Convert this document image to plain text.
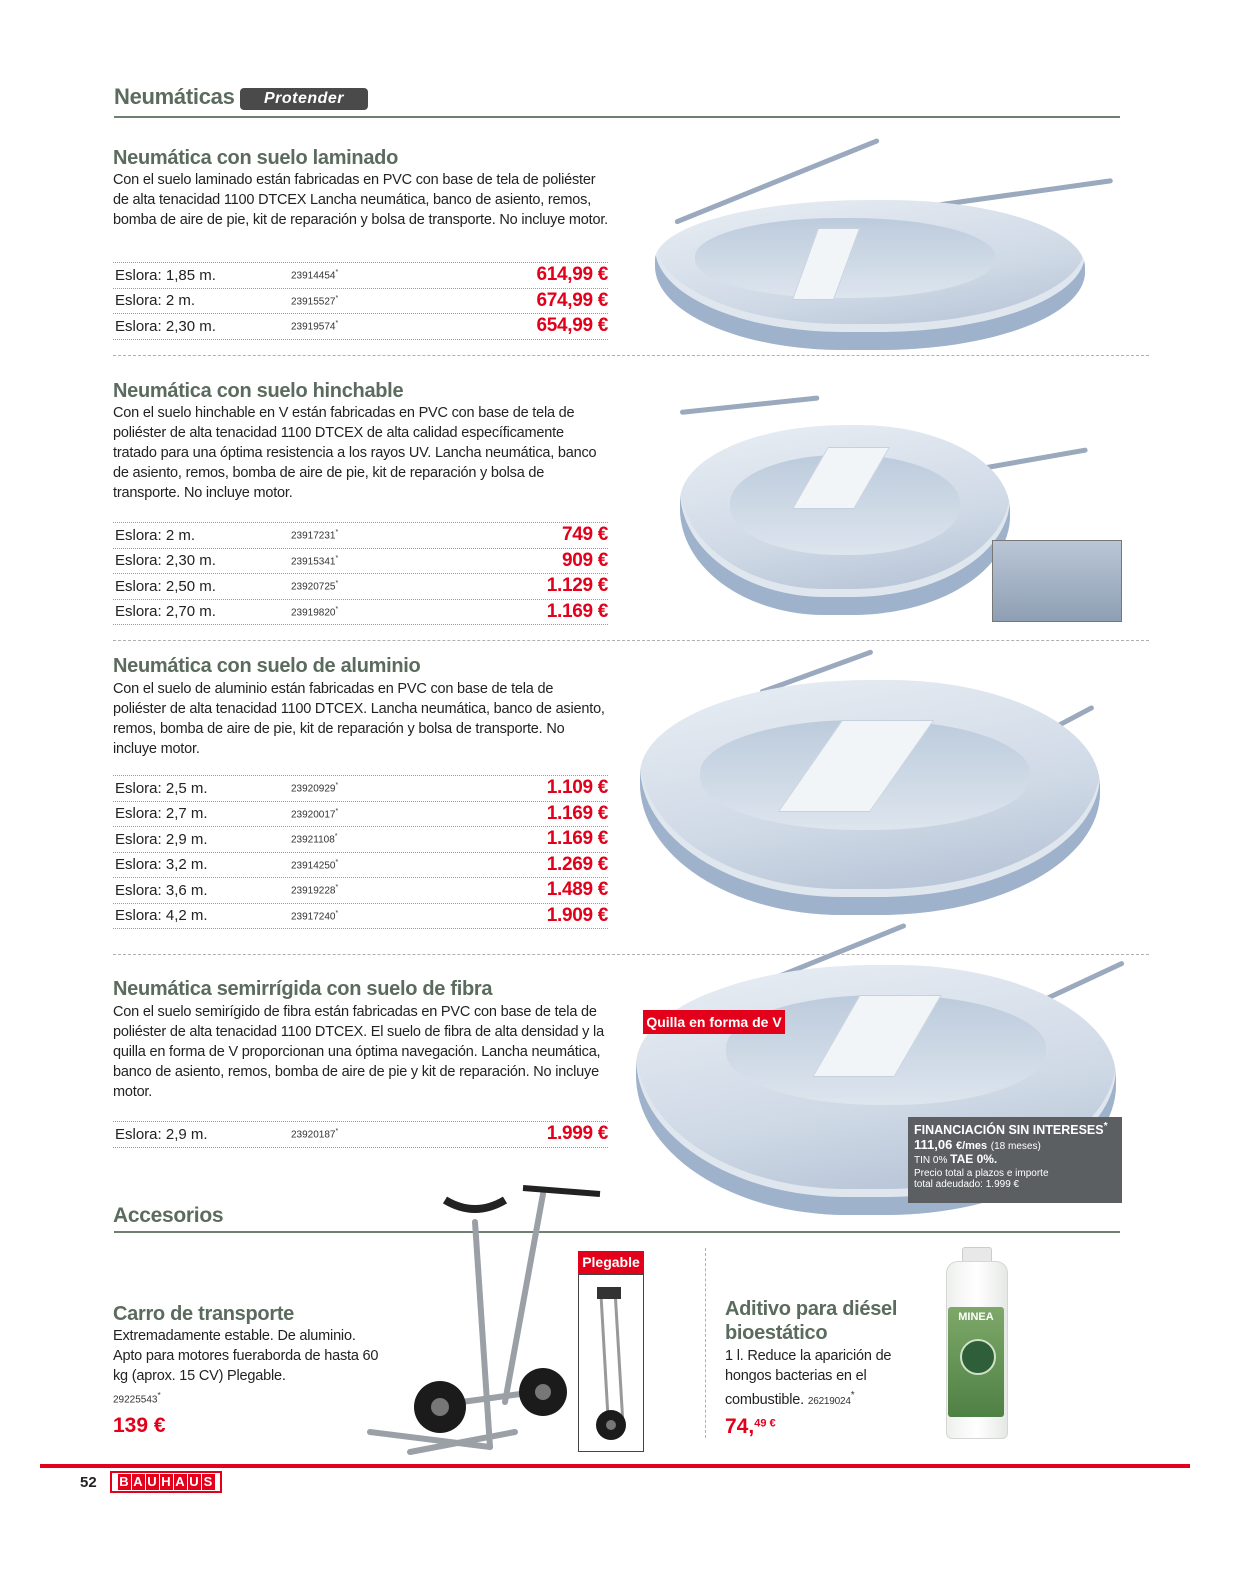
Neumáticas	Protender
Neumática con suelo laminado
Con el suelo laminado están fabricadas en PVC con base de tela de poliéster de alta tenacidad 1100 DTCEX Lancha neumática, banco de asiento, remos, bomba de aire de pie, kit de reparación y bolsa de transporte. No incluye motor.
Eslora: 1,85 m.	23914454*	614,99 €
Eslora: 2 m.	23915527*	674,99 €
Eslora: 2,30 m.	23919574*	654,99 €
Neumática con suelo hinchable
Con el suelo hinchable en V están fabricadas en PVC con base de tela de poliéster de alta tenacidad 1100 DTCEX de alta calidad específicamente tratado para una óptima resistencia a los rayos UV. Lancha neumática, banco de asiento, remos, bomba de aire de pie, kit de reparación y bolsa de transporte. No incluye motor.
Eslora: 2 m.	23917231*	749 €
Eslora: 2,30 m.	23915341*	909 €
Eslora: 2,50 m.	23920725*	1.129 €
Eslora: 2,70 m.	23919820*	1.169 €
Neumática con suelo de aluminio
Con el suelo de aluminio están fabricadas en PVC con base de tela de poliéster de alta tenacidad 1100 DTCEX. Lancha neumática, banco de asiento, remos, bomba de aire de pie, kit de reparación y bolsa de transporte. No incluye motor.
Eslora: 2,5 m.	23920929*	1.109 €
Eslora: 2,7 m.	23920017*	1.169 €
Eslora: 2,9 m.	23921108*	1.169 €
Eslora: 3,2 m.	23914250*	1.269 €
Eslora: 3,6 m.	23919228*	1.489 €
Eslora: 4,2 m.	23917240*	1.909 €
Neumática semirrígida con suelo de fibra
Con el suelo semirígido de fibra están fabricadas en PVC con base de tela de poliéster de alta tenacidad 1100 DTCEX. El suelo de fibra de alta densidad y la quilla en forma de V proporcionan una óptima navegación. Lancha neumática, banco de asiento, remos, bomba de aire de pie y kit de reparación. No incluye motor.
Eslora: 2,9 m.	23920187*	1.999 €
Quilla en forma de V
FINANCIACIÓN SIN INTERESES*
111,06 €/mes (18 meses)
TIN 0% TAE 0%.
Precio total a plazos e importe
total adeudado: 1.999 €
Accesorios
Carro de transporte
Extremadamente estable. De aluminio. Apto para motores fueraborda de hasta 60 kg (aprox. 15 CV) Plegable.
29225543*
139 €
Plegable
Aditivo para diésel
bioestático
1 l. Reduce la aparición de hongos bacterias en el combustible. 26219024*
74,$^{49 €}$
MINEA
52 B A U H A U S
